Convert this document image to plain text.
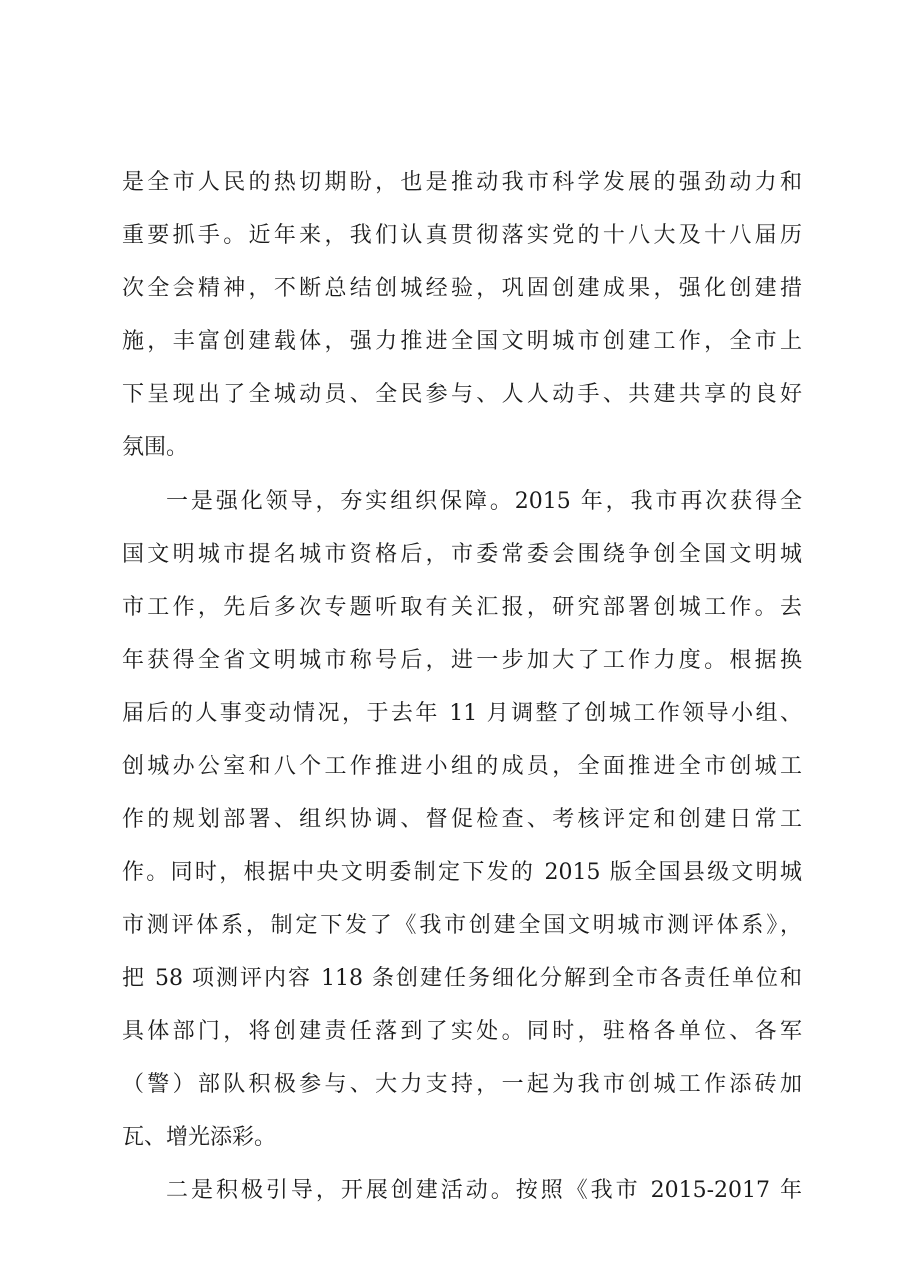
是全市人民的热切期盼，也是推动我市科学发展的强劲动力和
重要抓手。近年来，我们认真贯彻落实党的十八大及十八届历
次全会精神，不断总结创城经验，巩固创建成果，强化创建措
施，丰富创建载体，强力推进全国文明城市创建工作，全市上
下呈现出了全城动员、全民参与、人人动手、共建共享的良好
氛围。
一是强化领导，夯实组织保障。2015 年，我市再次获得全
国文明城市提名城市资格后，市委常委会围绕争创全国文明城
市工作，先后多次专题听取有关汇报，研究部署创城工作。去
年获得全省文明城市称号后，进一步加大了工作力度。根据换
届后的人事变动情况，于去年 11 月调整了创城工作领导小组、
创城办公室和八个工作推进小组的成员，全面推进全市创城工
作的规划部署、组织协调、督促检查、考核评定和创建日常工
作。同时，根据中央文明委制定下发的 2015 版全国县级文明城
市测评体系，制定下发了《我市创建全国文明城市测评体系》，
把 58 项测评内容 118 条创建任务细化分解到全市各责任单位和
具体部门，将创建责任落到了实处。同时，驻格各单位、各军
（警）部队积极参与、大力支持，一起为我市创城工作添砖加
瓦、增光添彩。
二是积极引导，开展创建活动。按照《我市 2015-2017 年
